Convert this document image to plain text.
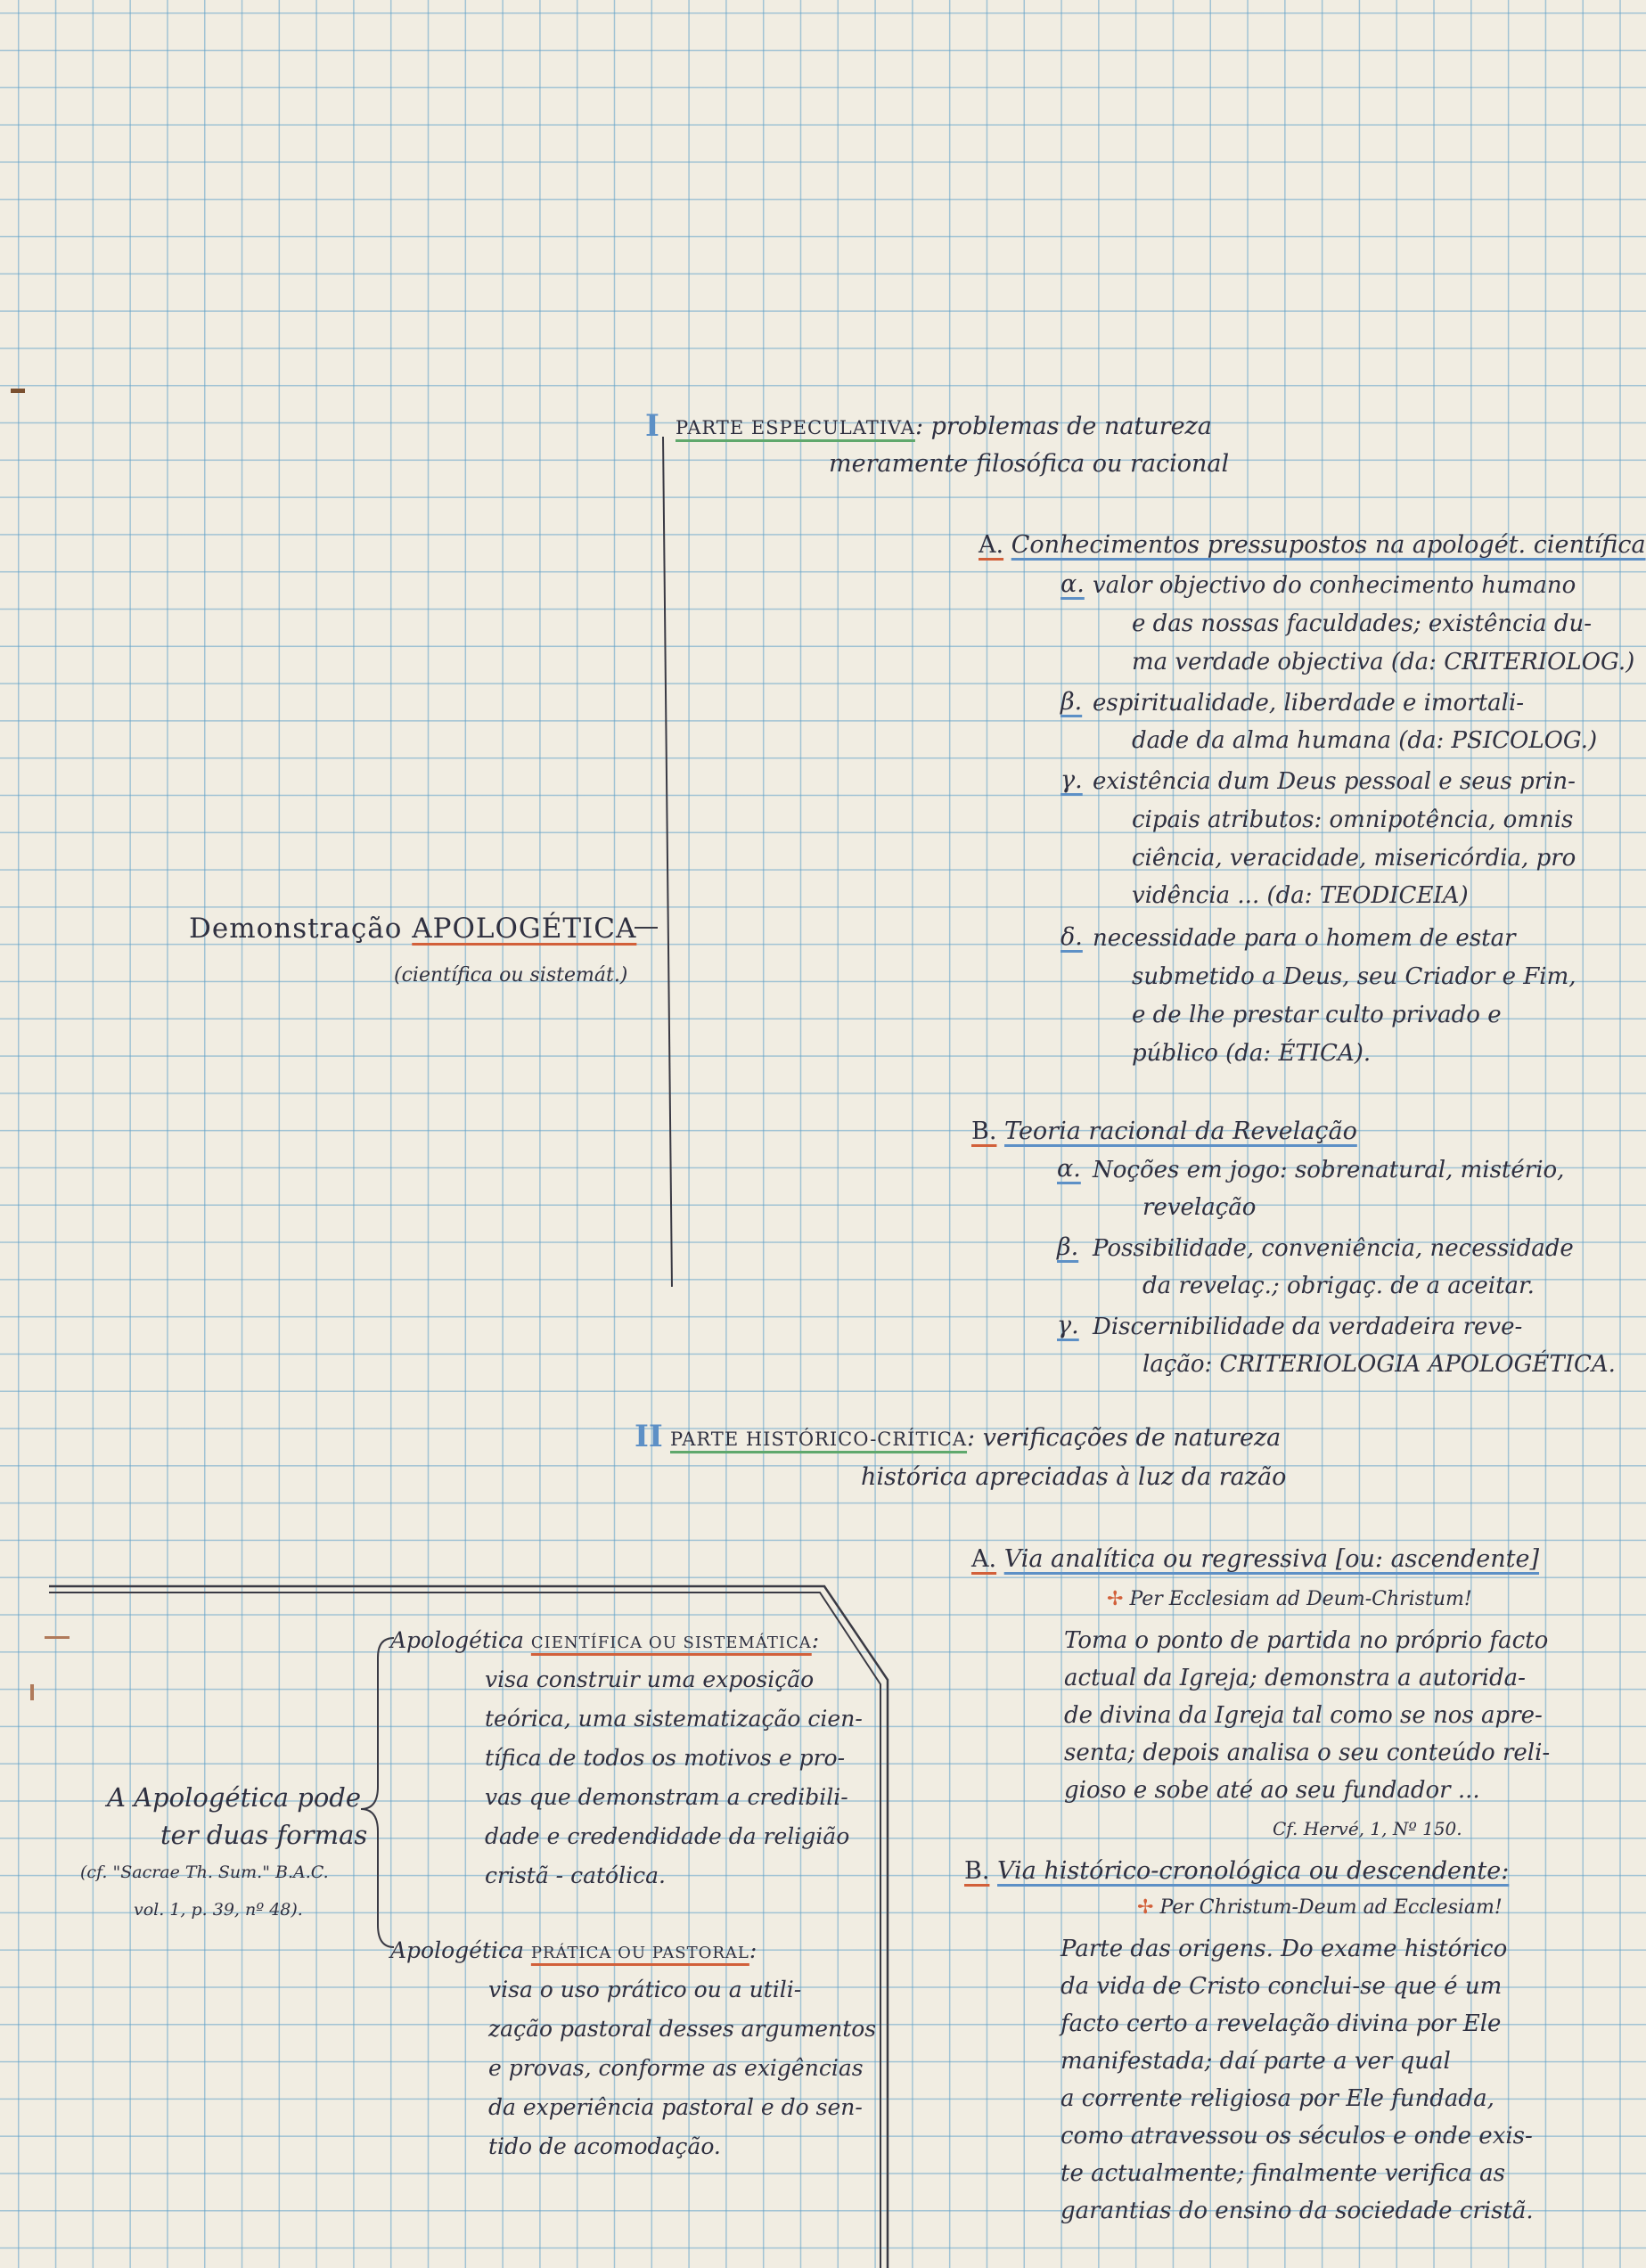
Demonstração APOLOGÉTICA
(científica ou sistemát.)
I PARTE ESPECULATIVA: problemas de natureza
meramente filosófica ou racional
A. Conhecimentos pressupostos na apologét. científica
α. valor objectivo do conhecimento humano
e das nossas faculdades; existência du-
ma verdade objectiva (da: CRITERIOLOG.)
β. espiritualidade, liberdade e imortali-
dade da alma humana (da: PSICOLOG.)
γ. existência dum Deus pessoal e seus prin-
cipais atributos: omnipotência, omnis
ciência, veracidade, misericórdia, pro
vidência ... (da: TEODICEIA)
δ. necessidade para o homem de estar
submetido a Deus, seu Criador e Fim,
e de lhe prestar culto privado e
público (da: ÉTICA).
B. Teoria racional da Revelação
α. Noções em jogo: sobrenatural, mistério,
revelação
β. Possibilidade, conveniência, necessidade
da revelaç.; obrigaç. de a aceitar.
γ. Discernibilidade da verdadeira reve-
lação: CRITERIOLOGIA APOLOGÉTICA.
II PARTE HISTÓRICO-CRÍTICA: verificações de natureza
histórica apreciadas à luz da razão
A. Via analítica ou regressiva [ou: ascendente]
✢ Per Ecclesiam ad Deum-Christum!
Toma o ponto de partida no próprio facto
actual da Igreja; demonstra a autorida-
de divina da Igreja tal como se nos apre-
senta; depois analisa o seu conteúdo reli-
gioso e sobe até ao seu fundador ...
Cf. Hervé, 1, Nº 150.
B. Via histórico-cronológica ou descendente:
✢ Per Christum-Deum ad Ecclesiam!
Parte das origens. Do exame histórico
da vida de Cristo conclui-se que é um
facto certo a revelação divina por Ele
manifestada; daí parte a ver qual
a corrente religiosa por Ele fundada,
como atravessou os séculos e onde exis-
te actualmente; finalmente verifica as
garantias do ensino da sociedade cristã.
A Apologética pode
ter duas formas
(cf. "Sacrae Th. Sum." B.A.C.
vol. 1, p. 39, nº 48).
Apologética CIENTÍFICA OU SISTEMÁTICA:
visa construir uma exposição
teórica, uma sistematização cien-
tífica de todos os motivos e pro-
vas que demonstram a credibili-
dade e credendidade da religião
cristã - católica.
Apologética PRÁTICA OU PASTORAL:
visa o uso prático ou a utili-
zação pastoral desses argumentos
e provas, conforme as exigências
da experiência pastoral e do sen-
tido de acomodação.
